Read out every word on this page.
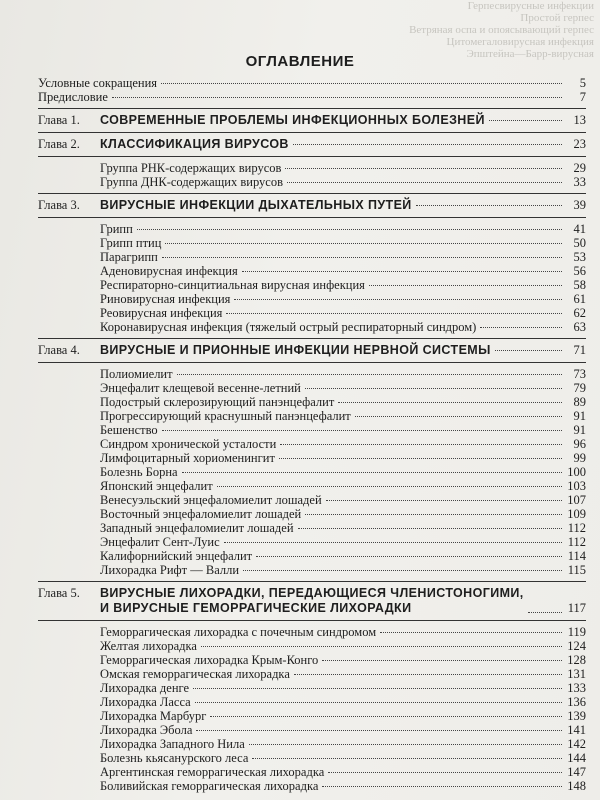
Герпесвирусные инфекции
Простой герпес
Ветряная оспа и опоясывающий герпес
Цитомегаловирусная инфекция
Эпштейна—Барр-вирусная
ОГЛАВЛЕНИЕ
Условные сокращения	5
Предисловие	7
Глава 1.	СОВРЕМЕННЫЕ ПРОБЛЕМЫ ИНФЕКЦИОННЫХ БОЛЕЗНЕЙ	13
Глава 2.	КЛАССИФИКАЦИЯ ВИРУСОВ	23
Группа РНК-содержащих вирусов	29
Группа ДНК-содержащих вирусов	33
Глава 3.	ВИРУСНЫЕ ИНФЕКЦИИ ДЫХАТЕЛЬНЫХ ПУТЕЙ	39
Грипп	41
Грипп птиц	50
Парагрипп	53
Аденовирусная инфекция	56
Респираторно-синцитиальная вирусная инфекция	58
Риновирусная инфекция	61
Реовирусная инфекция	62
Коронавирусная инфекция (тяжелый острый респираторный синдром)	63
Глава 4.	ВИРУСНЫЕ И ПРИОННЫЕ ИНФЕКЦИИ НЕРВНОЙ СИСТЕМЫ	71
Полиомиелит	73
Энцефалит клещевой весенне-летний	79
Подострый склерозирующий панэнцефалит	89
Прогрессирующий краснушный панэнцефалит	91
Бешенство	91
Синдром хронической усталости	96
Лимфоцитарный хориоменингит	99
Болезнь Борна	100
Японский энцефалит	103
Венесуэльский энцефаломиелит лошадей	107
Восточный энцефаломиелит лошадей	109
Западный энцефаломиелит лошадей	112
Энцефалит Сент-Луис	112
Калифорнийский энцефалит	114
Лихорадка Рифт — Валли	115
Глава 5.	ВИРУСНЫЕ ЛИХОРАДКИ, ПЕРЕДАЮЩИЕСЯ ЧЛЕНИСТОНОГИМИ,
И ВИРУСНЫЕ ГЕМОРРАГИЧЕСКИЕ ЛИХОРАДКИ	117
Геморрагическая лихорадка с почечным синдромом	119
Желтая лихорадка	124
Геморрагическая лихорадка Крым-Конго	128
Омская геморрагическая лихорадка	131
Лихорадка денге	133
Лихорадка Ласса	136
Лихорадка Марбург	139
Лихорадка Эбола	141
Лихорадка Западного Нила	142
Болезнь кьясанурского леса	144
Аргентинская геморрагическая лихорадка	147
Боливийская геморрагическая лихорадка	148
